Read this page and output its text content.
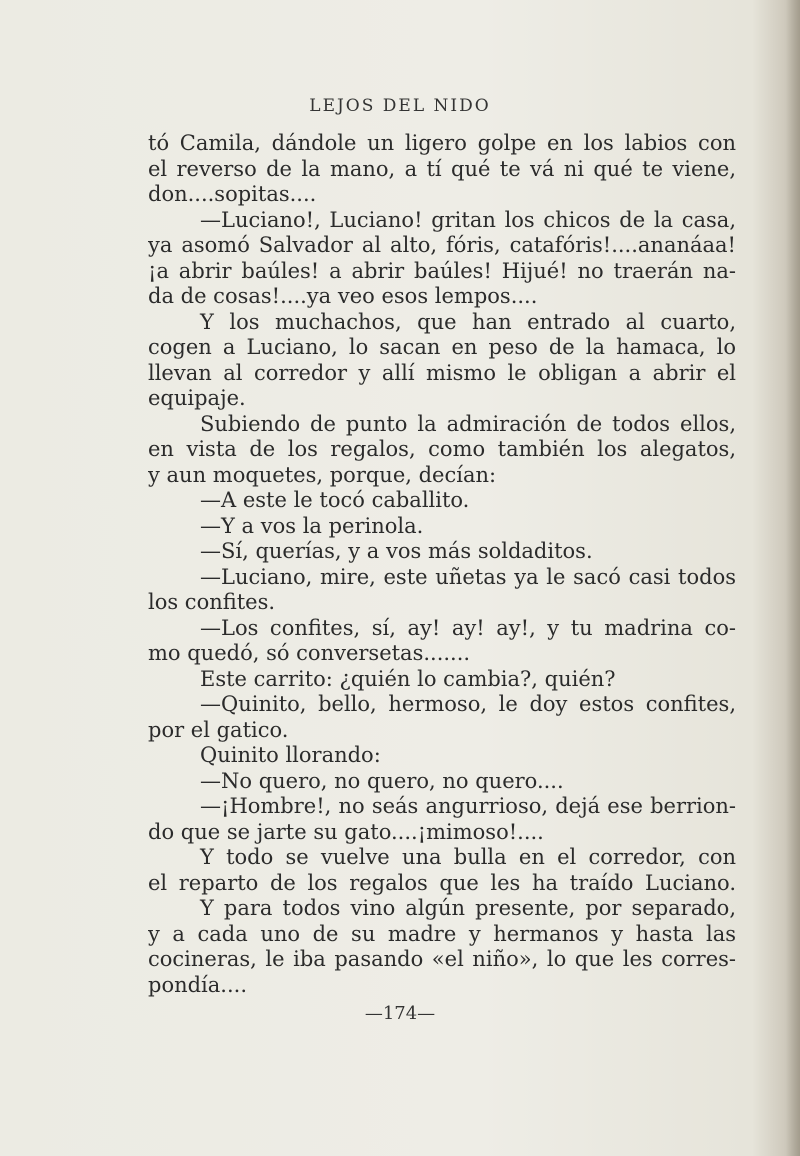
LEJOS DEL NIDO
tó Camila, dándole un ligero golpe en los labios con
el reverso de la mano, a tí qué te vá ni qué te viene,
don....sopitas....
—Luciano!, Luciano! gritan los chicos de la casa,
ya asomó Salvador al alto, fóris, catafóris!....ananáaa!
¡a abrir baúles! a abrir baúles! Hijué! no traerán na-
da de cosas!....ya veo esos lempos....
Y los muchachos, que han entrado al cuarto,
cogen a Luciano, lo sacan en peso de la hamaca, lo
llevan al corredor y allí mismo le obligan a abrir el
equipaje.
Subiendo de punto la admiración de todos ellos,
en vista de los regalos, como también los alegatos,
y aun moquetes, porque, decían:
—A este le tocó caballito.
—Y a vos la perinola.
—Sí, querías, y a vos más soldaditos.
—Luciano, mire, este uñetas ya le sacó casi todos
los confites.
—Los confites, sí, ay! ay! ay!, y tu madrina co-
mo quedó, só conversetas.......
Este carrito: ¿quién lo cambia?, quién?
—Quinito, bello, hermoso, le doy estos confites,
por el gatico.
Quinito llorando:
—No quero, no quero, no quero....
—¡Hombre!, no seás angurrioso, dejá ese berrion-
do que se jarte su gato....¡mimoso!....
Y todo se vuelve una bulla en el corredor, con
el reparto de los regalos que les ha traído Luciano.
Y para todos vino algún presente, por separado,
y a cada uno de su madre y hermanos y hasta las
cocineras, le iba pasando «el niño», lo que les corres-
pondía....
—174—
